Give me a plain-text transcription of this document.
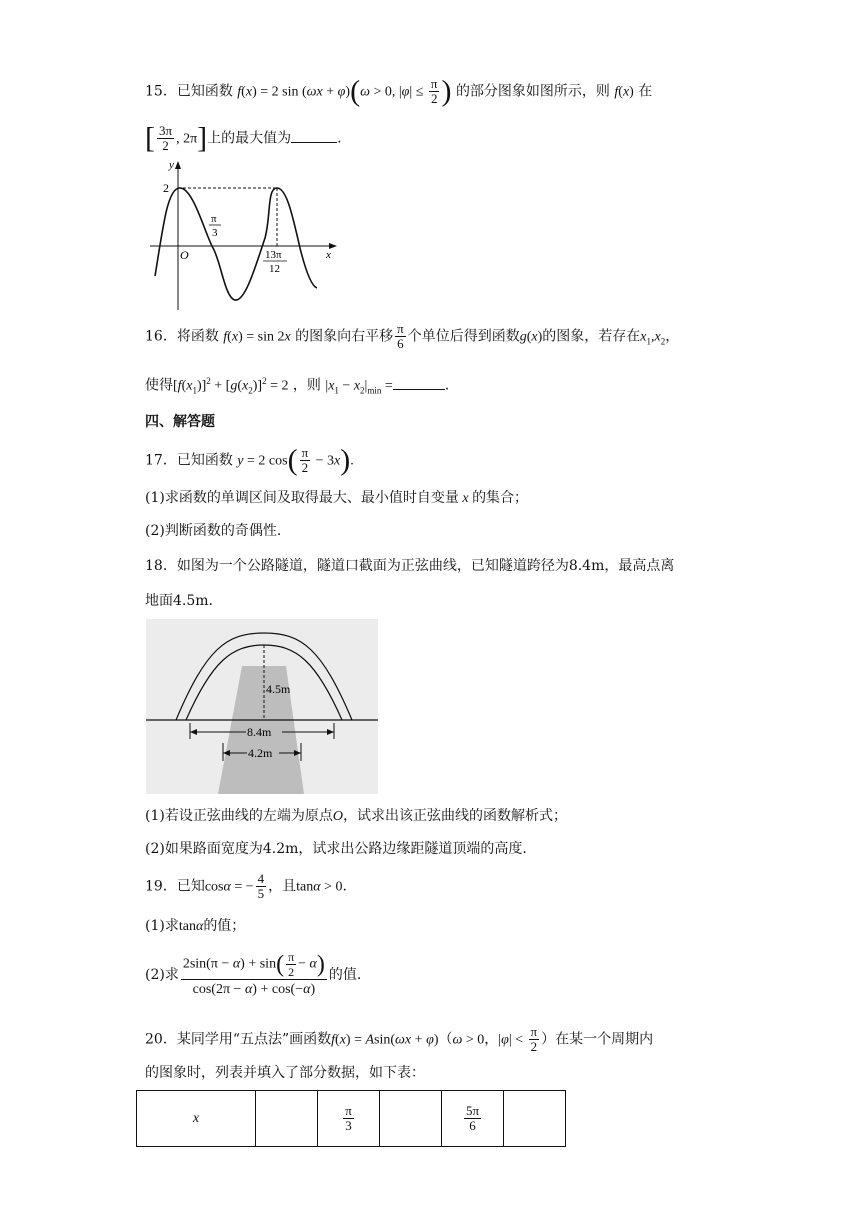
15．已知函数 f(x) = 2 sin (ωx + φ)(ω > 0, $|\varphi| \le \frac{\pi}{2}$ ) 的部分图象如图所示，则 f(x) 在
[ $\frac{3\pi}{2}$ , 2π]上的最大值为	.
y
x
O
2
π
3
13π
12
16．将函数 f(x) = sin 2x 的图象向右平移 $\frac{\pi}{6}$ 个单位后得到函数g(x)的图象，若存在$x_1,x_2$，
使得$[f(x_1)]^2 + [g(x_2)]^2 = 2$ ，则 $|x_1 - x_2|_{min}$ =	.
四、解答题
17．已知函数 y = 2 $\cos( \frac{\pi}{2} - 3x)$.
(1)求函数的单调区间及取得最大、最小值时自变量 x 的集合；
(2)判断函数的奇偶性.
18．如图为一个公路隧道，隧道口截面为正弦曲线，已知隧道跨径为8.4m，最高点离
地面4.5m.
4.5m
8.4m
4.2m
(1)若设正弦曲线的左端为原点O，试求出该正弦曲线的函数解析式；
(2)如果路面宽度为4.2m，试求出公路边缘距隧道顶端的高度.
19．已知cosα = − $\frac{4}{5}$ ，且tanα > 0.
(1)求tanα的值；
(2)求 $\frac{2\sin(\pi - \alpha) + \sin( \frac{\pi}{2} - \alpha)}{\cos(2\pi - \alpha) + \cos(-\alpha)}$ 的值.
20．某同学用“五点法”画函数f(x) = Asin(ωx + φ)（ω > 0，$|\varphi| < \frac{\pi}{2}$ ）在某一个周期内
的图象时，列表并填入了部分数据，如下表：
x		$\frac{\pi}{3}$		$\frac{5\pi}{6}$
